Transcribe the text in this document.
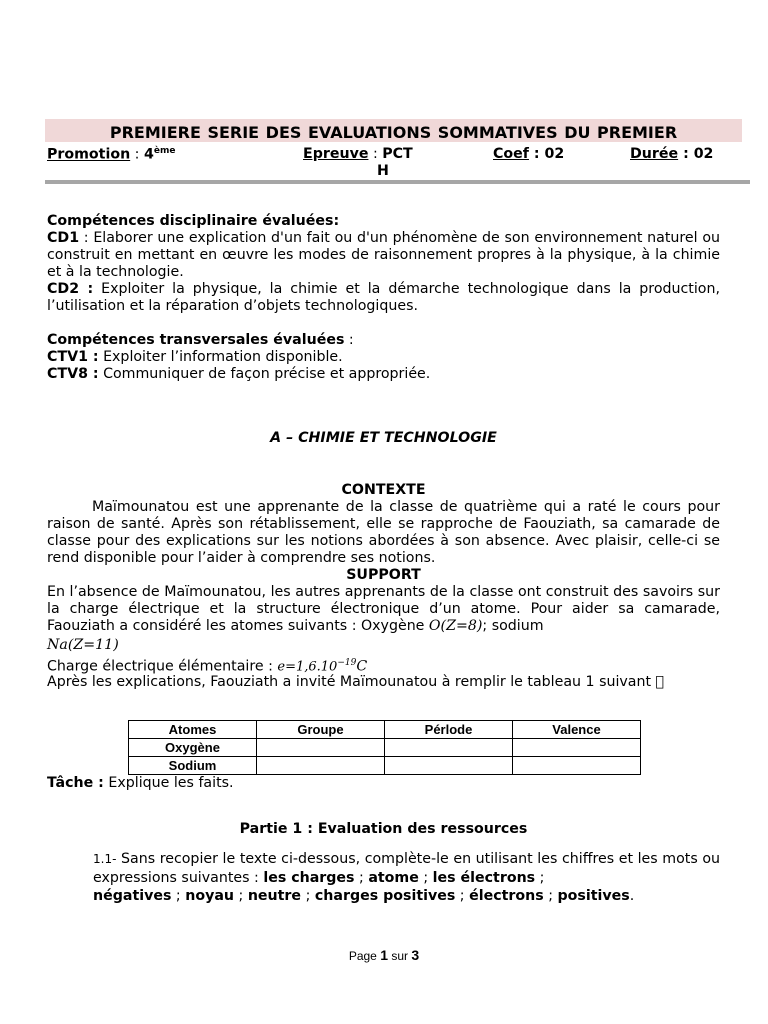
PREMIERE SERIE DES EVALUATIONS SOMMATIVES DU PREMIER
Promotion : 4ème	Epreuve : PCT
H
Coef : 02	Durée : 02
Compétences disciplinaire évaluées:
CD1 : Elaborer une explication d'un fait ou d'un phénomène de son environnement naturel ou construit en mettant en œuvre les modes de raisonnement propres à la physique, à la chimie et à la technologie.
CD2 : Exploiter la physique, la chimie et la démarche technologique dans la production, l’utilisation et la réparation d’objets technologiques.
Compétences transversales évaluées :
CTV1 : Exploiter l’information disponible.
CTV8 : Communiquer de façon précise et appropriée.
A – CHIMIE ET TECHNOLOGIE
CONTEXTE
Maïmounatou est une apprenante de la classe de quatrième qui a raté le cours pour raison de santé. Après son rétablissement, elle se rapproche de Faouziath, sa camarade de classe pour des explications sur les notions abordées à son absence. Avec plaisir, celle-ci se rend disponible pour l’aider à comprendre ses notions.
SUPPORT
En l’absence de Maïmounatou, les autres apprenants de la classe ont construit des savoirs sur la charge électrique et la structure électronique d’un atome. Pour aider sa camarade, Faouziath a considéré les atomes suivants : Oxygène O(Z=8); sodium
Na(Z=11)
Charge électrique élémentaire : $e=1,6.10^{-19}C$
Après les explications, Faouziath a invité Maïmounatou à remplir le tableau 1 suivant
Atomes	Groupe	Pérlode	Valence
Oxygène			
Sodium			
Tâche : Explique les faits.
Partie 1 : Evaluation des ressources
1.1- Sans recopier le texte ci-dessous, complète-le en utilisant les chiffres et les mots ou expressions suivantes : les charges ; atome ; les électrons ;
négatives ; noyau ; neutre ; charges positives ; électrons ; positives.
Page 1 sur 3
